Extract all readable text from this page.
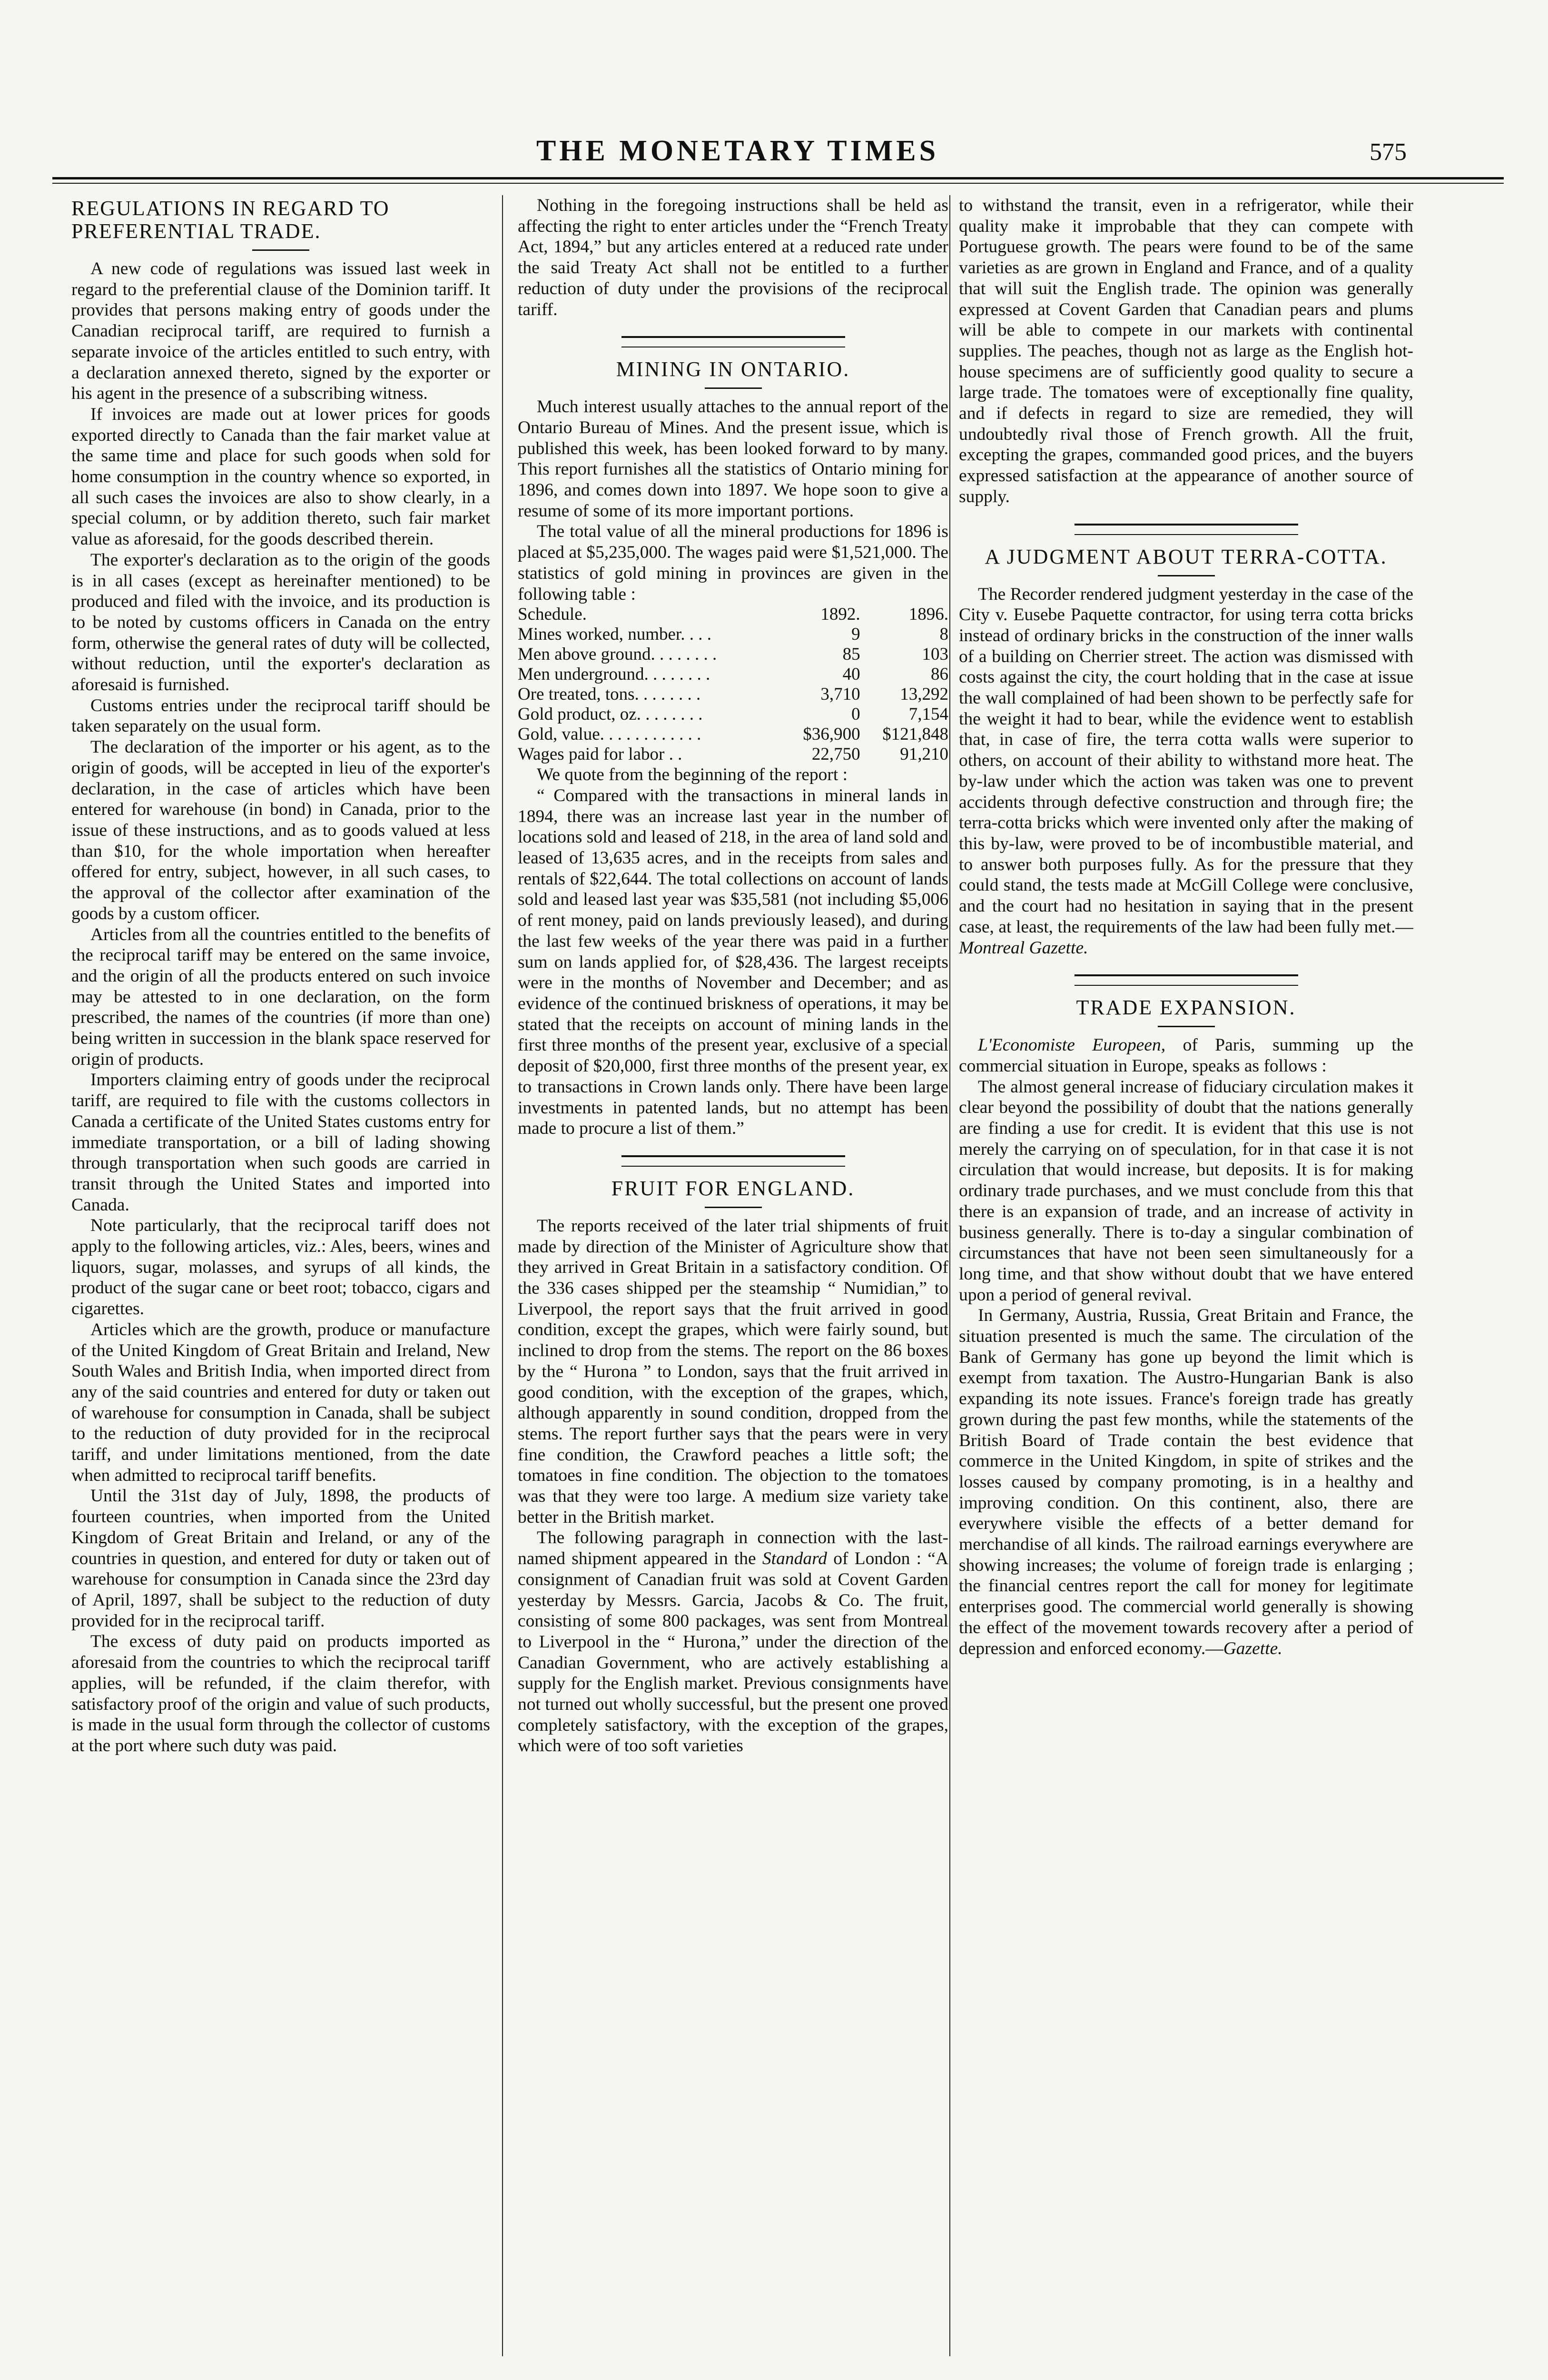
THE MONETARY TIMES	575
REGULATIONS IN REGARD TO PREFERENTIAL TRADE.

A new code of regulations was issued last week in regard to the preferential clause of the Dominion tariff. It provides that persons making entry of goods under the Canadian reciprocal tariff, are required to furnish a separate invoice of the articles entitled to such entry, with a declaration annexed thereto, signed by the exporter or his agent in the presence of a subscribing witness.

If invoices are made out at lower prices for goods exported directly to Canada than the fair market value at the same time and place for such goods when sold for home consumption in the country whence so exported, in all such cases the invoices are also to show clearly, in a special column, or by addition thereto, such fair market value as aforesaid, for the goods described therein.

The exporter's declaration as to the origin of the goods is in all cases (except as hereinafter mentioned) to be produced and filed with the invoice, and its production is to be noted by customs officers in Canada on the entry form, otherwise the general rates of duty will be collected, without reduction, until the exporter's declaration as aforesaid is furnished.

Customs entries under the reciprocal tariff should be taken separately on the usual form.

The declaration of the importer or his agent, as to the origin of goods, will be accepted in lieu of the exporter's declaration, in the case of articles which have been entered for warehouse (in bond) in Canada, prior to the issue of these instructions, and as to goods valued at less than $10, for the whole importation when hereafter offered for entry, subject, however, in all such cases, to the approval of the collector after examination of the goods by a custom officer.

Articles from all the countries entitled to the benefits of the reciprocal tariff may be entered on the same invoice, and the origin of all the products entered on such invoice may be attested to in one declaration, on the form prescribed, the names of the countries (if more than one) being written in succession in the blank space reserved for origin of products.

Importers claiming entry of goods under the reciprocal tariff, are required to file with the customs collectors in Canada a certificate of the United States customs entry for immediate transportation, or a bill of lading showing through transportation when such goods are carried in transit through the United States and imported into Canada.

Note particularly, that the reciprocal tariff does not apply to the following articles, viz.: Ales, beers, wines and liquors, sugar, molasses, and syrups of all kinds, the product of the sugar cane or beet root; tobacco, cigars and cigarettes.

Articles which are the growth, produce or manufacture of the United Kingdom of Great Britain and Ireland, New South Wales and British India, when imported direct from any of the said countries and entered for duty or taken out of warehouse for consumption in Canada, shall be subject to the reduction of duty provided for in the reciprocal tariff, and under limitations mentioned, from the date when admitted to reciprocal tariff benefits.

Until the 31st day of July, 1898, the products of fourteen countries, when imported from the United Kingdom of Great Britain and Ireland, or any of the countries in question, and entered for duty or taken out of warehouse for consumption in Canada since the 23rd day of April, 1897, shall be subject to the reduction of duty provided for in the reciprocal tariff.

The excess of duty paid on products imported as aforesaid from the countries to which the reciprocal tariff applies, will be refunded, if the claim therefor, with satisfactory proof of the origin and value of such products, is made in the usual form through the collector of customs at the port where such duty was paid.

Nothing in the foregoing instructions shall be held as affecting the right to enter articles under the “French Treaty Act, 1894,” but any articles entered at a reduced rate under the said Treaty Act shall not be entitled to a further reduction of duty under the provisions of the reciprocal tariff.

MINING IN ONTARIO.

Much interest usually attaches to the annual report of the Ontario Bureau of Mines. And the present issue, which is published this week, has been looked forward to by many. This report furnishes all the statistics of Ontario mining for 1896, and comes down into 1897. We hope soon to give a resume of some of its more important portions.

The total value of all the mineral productions for 1896 is placed at $5,235,000. The wages paid were $1,521,000. The statistics of gold mining in provinces are given in the following table :

Schedule.	1892.	1896.
Mines worked, number. . . .	9	8
Men above ground. . . . . . . .	85	103
Men underground. . . . . . . .	40	86
Ore treated, tons. . . . . . . .	3,710	13,292
Gold product, oz. . . . . . . .	0	7,154
Gold, value. . . . . . . . . . . .	$36,900	$121,848
Wages paid for labor . .	22,750	91,210

We quote from the beginning of the report :

“ Compared with the transactions in mineral lands in 1894, there was an increase last year in the number of locations sold and leased of 218, in the area of land sold and leased of 13,635 acres, and in the receipts from sales and rentals of $22,644. The total collections on account of lands sold and leased last year was $35,581 (not including $5,006 of rent money, paid on lands previously leased), and during the last few weeks of the year there was paid in a further sum on lands applied for, of $28,436. The largest receipts were in the months of November and December; and as evidence of the continued briskness of operations, it may be stated that the receipts on account of mining lands in the first three months of the present year, exclusive of a special deposit of $20,000, first three months of the present year, ex to transactions in Crown lands only. There have been large investments in patented lands, but no attempt has been made to procure a list of them.”

FRUIT FOR ENGLAND.

The reports received of the later trial shipments of fruit made by direction of the Minister of Agriculture show that they arrived in Great Britain in a satisfactory condition. Of the 336 cases shipped per the steamship “ Numidian,” to Liverpool, the report says that the fruit arrived in good condition, except the grapes, which were fairly sound, but inclined to drop from the stems. The report on the 86 boxes by the “ Hurona ” to London, says that the fruit arrived in good condition, with the exception of the grapes, which, although apparently in sound condition, dropped from the stems. The report further says that the pears were in very fine condition, the Crawford peaches a little soft; the tomatoes in fine condition. The objection to the tomatoes was that they were too large. A medium size variety take better in the British market.

The following paragraph in connection with the last-named shipment appeared in the Standard of London : “A consignment of Canadian fruit was sold at Covent Garden yesterday by Messrs. Garcia, Jacobs & Co. The fruit, consisting of some 800 packages, was sent from Montreal to Liverpool in the “ Hurona,” under the direction of the Canadian Government, who are actively establishing a supply for the English market. Previous consignments have not turned out wholly successful, but the present one proved completely satisfactory, with the exception of the grapes, which were of too soft varieties

to withstand the transit, even in a refrigerator, while their quality make it improbable that they can compete with Portuguese growth. The pears were found to be of the same varieties as are grown in England and France, and of a quality that will suit the English trade. The opinion was generally expressed at Covent Garden that Canadian pears and plums will be able to compete in our markets with continental supplies. The peaches, though not as large as the English hot-house specimens are of sufficiently good quality to secure a large trade. The tomatoes were of exceptionally fine quality, and if defects in regard to size are remedied, they will undoubtedly rival those of French growth. All the fruit, excepting the grapes, commanded good prices, and the buyers expressed satisfaction at the appearance of another source of supply.

A JUDGMENT ABOUT TERRA-COTTA.

The Recorder rendered judgment yesterday in the case of the City v. Eusebe Paquette contractor, for using terra cotta bricks instead of ordinary bricks in the construction of the inner walls of a building on Cherrier street. The action was dismissed with costs against the city, the court holding that in the case at issue the wall complained of had been shown to be perfectly safe for the weight it had to bear, while the evidence went to establish that, in case of fire, the terra cotta walls were superior to others, on account of their ability to withstand more heat. The by-law under which the action was taken was one to prevent accidents through defective construction and through fire; the terra-cotta bricks which were invented only after the making of this by-law, were proved to be of incombustible material, and to answer both purposes fully. As for the pressure that they could stand, the tests made at McGill College were conclusive, and the court had no hesitation in saying that in the present case, at least, the requirements of the law had been fully met.—Montreal Gazette.

TRADE EXPANSION.

L'Economiste Europeen, of Paris, summing up the commercial situation in Europe, speaks as follows :

The almost general increase of fiduciary circulation makes it clear beyond the possibility of doubt that the nations generally are finding a use for credit. It is evident that this use is not merely the carrying on of speculation, for in that case it is not circulation that would increase, but deposits. It is for making ordinary trade purchases, and we must conclude from this that there is an expansion of trade, and an increase of activity in business generally. There is to-day a singular combination of circumstances that have not been seen simultaneously for a long time, and that show without doubt that we have entered upon a period of general revival.

In Germany, Austria, Russia, Great Britain and France, the situation presented is much the same. The circulation of the Bank of Germany has gone up beyond the limit which is exempt from taxation. The Austro-Hungarian Bank is also expanding its note issues. France's foreign trade has greatly grown during the past few months, while the statements of the British Board of Trade contain the best evidence that commerce in the United Kingdom, in spite of strikes and the losses caused by company promoting, is in a healthy and improving condition. On this continent, also, there are everywhere visible the effects of a better demand for merchandise of all kinds. The railroad earnings everywhere are showing increases; the volume of foreign trade is enlarging ; the financial centres report the call for money for legitimate enterprises good. The commercial world generally is showing the effect of the movement towards recovery after a period of depression and enforced economy.—Gazette.
